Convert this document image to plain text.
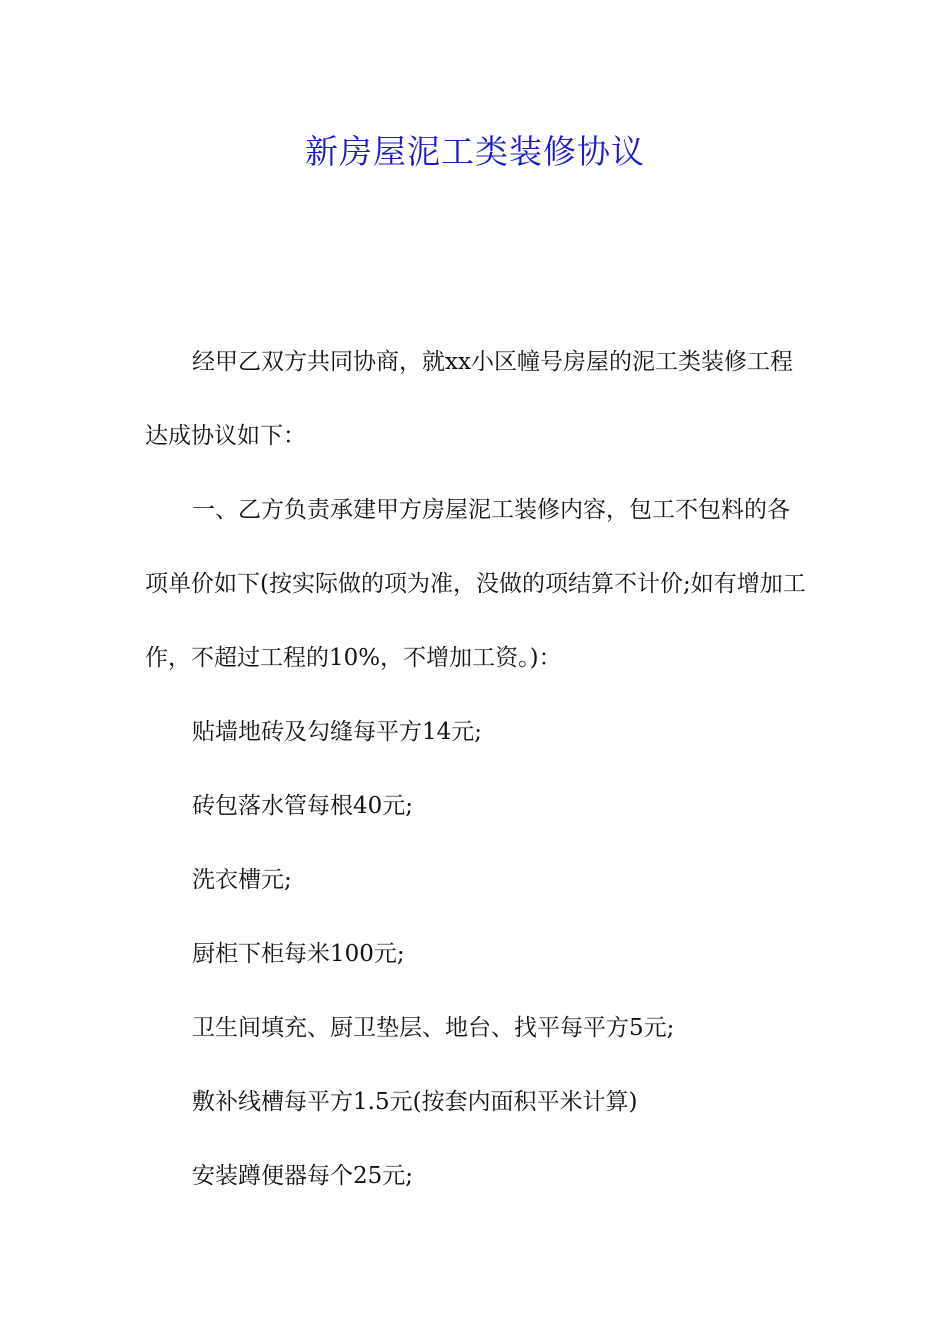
新房屋泥工类装修协议

经甲乙双方共同协商，就xx小区幢号房屋的泥工类装修工程达成协议如下：

一、乙方负责承建甲方房屋泥工装修内容，包工不包料的各项单价如下(按实际做的项为准，没做的项结算不计价;如有增加工作，不超过工程的10%，不增加工资。)：

贴墙地砖及勾缝每平方14元;

砖包落水管每根40元;

洗衣槽元;

厨柜下柜每米100元;

卫生间填充、厨卫垫层、地台、找平每平方5元;

敷补线槽每平方1.5元(按套内面积平米计算)

安装蹲便器每个25元;
